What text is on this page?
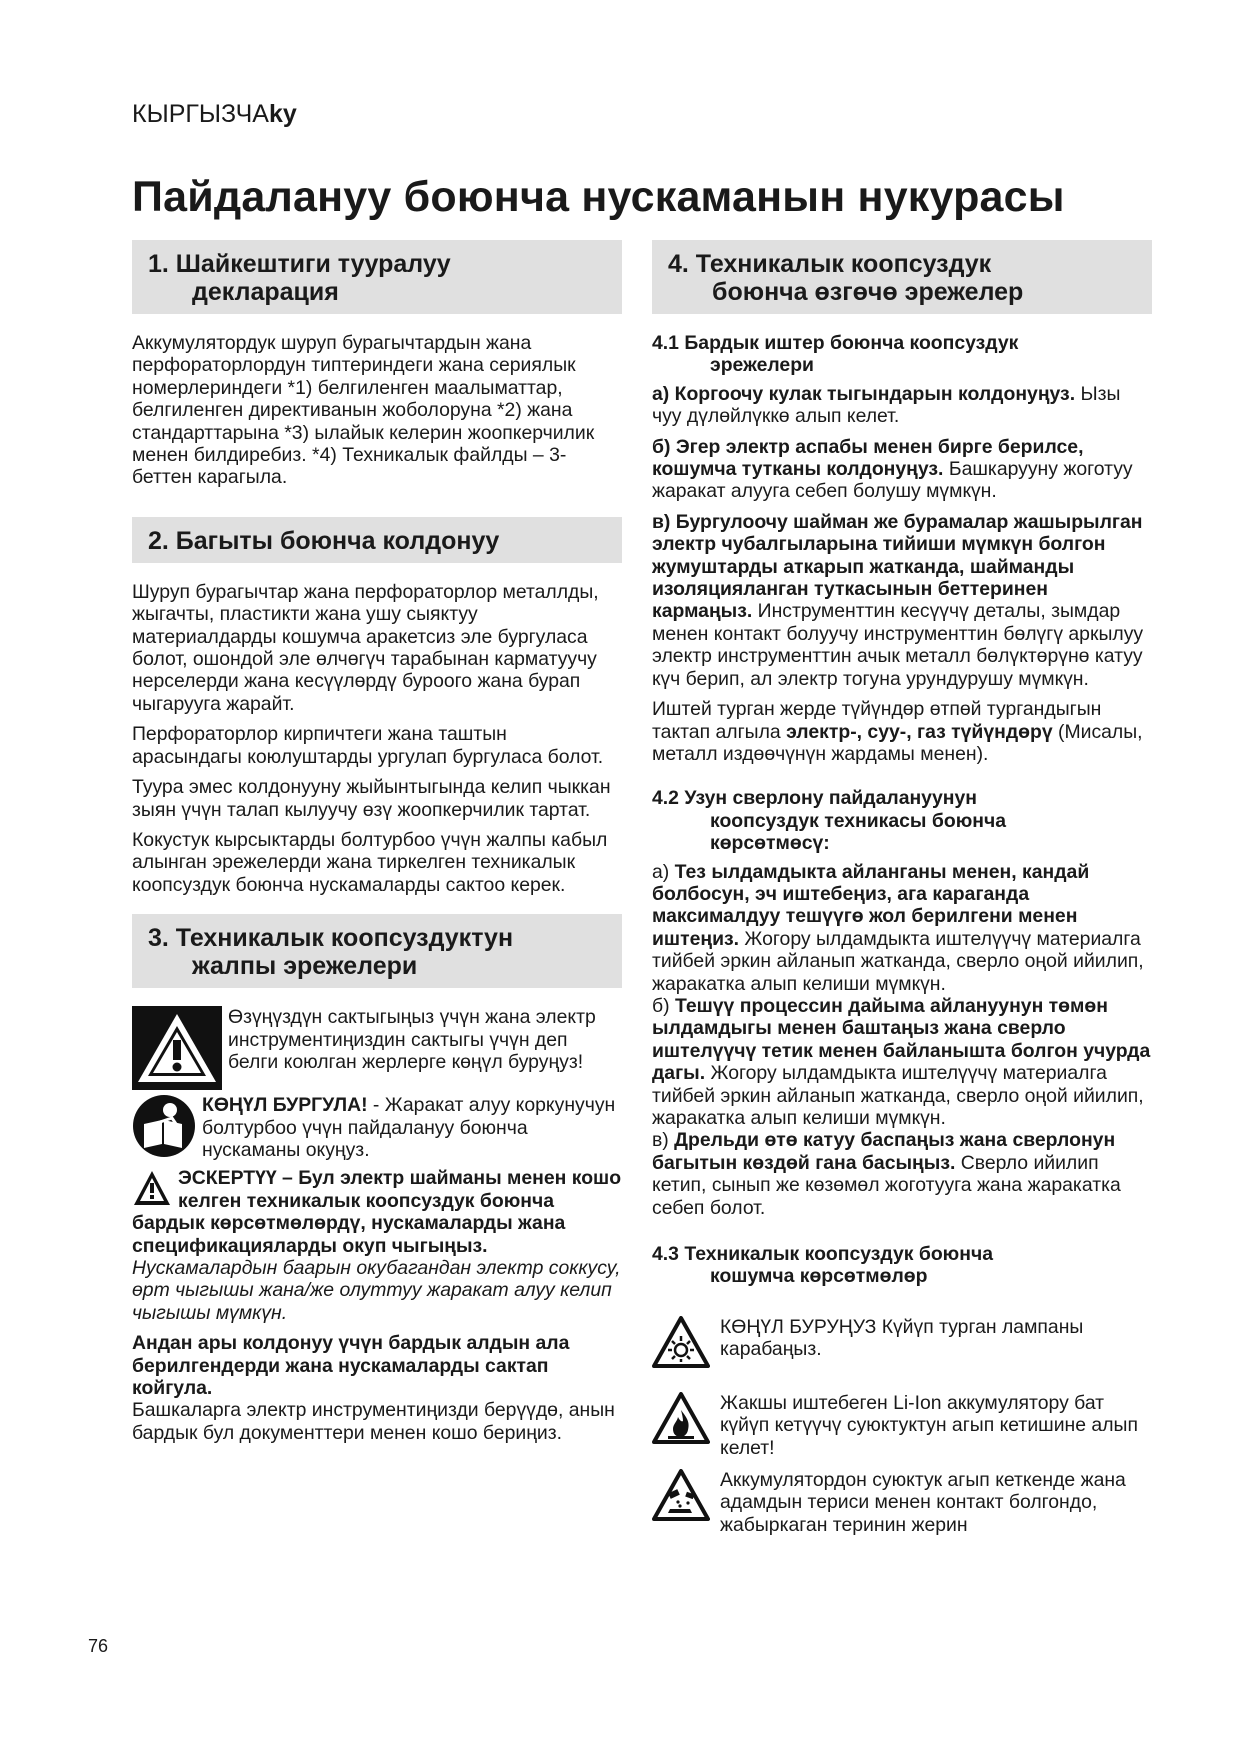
КЫРГЫЗЧАky
Пайдалануу боюнча нускаманын нукурасы
1. Шайкештиги тууралуу
декларация

Аккумулятордук шуруп бурагычтардын жана перфораторлордун типтериндеги жана сериялык номерлериндеги *1) белгиленген маалыматтар, белгиленген директиванын жоболоруна *2) жана стандарттарына *3) ылайык келерин жоопкерчилик менен билдиребиз. *4) Техникалык файлды – 3-беттен карагыла.

2. Багыты боюнча колдонуу

Шуруп бурагычтар жана перфораторлор металлды, жыгачты, пластикти жана ушу сыяктуу материалдарды кошумча аракетсиз эле бургуласа болот, ошондой эле өлчөгүч тарабынан карматуучу нерселерди жана кесүүлөрдү буроого жана бурап чыгарууга жарайт.

Перфораторлор кирпичтеги жана таштын арасындагы коюлуштарды ургулап бургуласа болот.

Туура эмес колдонууну жыйынтыгында келип чыккан зыян үчүн талап кылуучу өзү жоопкерчилик тартат.

Кокустук кырсыктарды болтурбоо үчүн жалпы кабыл алынган эрежелерди жана тиркелген техникалык коопсуздук боюнча нускамаларды сактоо керек.

3. Техникалык коопсуздуктун
жалпы эрежелери

Өзүңүздүн сактыгыңыз үчүн жана электр инструментиңиздин сактыгы үчүн деп белги коюлган жерлерге көңүл буруңуз!

КӨҢҮЛ БУРГУЛА! - Жаракат алуу коркунучун болтурбоо үчүн пайдалануу боюнча нускаманы окуңуз.

ЭСКЕРТҮҮ – Бул электр шайманы менен кошо келген техникалык коопсуздук боюнча бардык көрсөтмөлөрдү, нускамаларды жана спецификацияларды окуп чыгыңыз. Нускамалардын баарын окубагандан электр соккусу, өрт чыгышы жана/же олуттуу жаракат алуу келип чыгышы мүмкүн.

Андан ары колдонуу үчүн бардык алдын ала берилгендерди жана нускамаларды сактап койгула.
Башкаларга электр инструментиңизди берүүдө, анын бардык бул документтери менен кошо бериңиз.

4. Техникалык коопсуздук
боюнча өзгөчө эрежелер
4.1 Бардык иштер боюнча коопсуздук
эрежелери

а) Коргоочу кулак тыгындарын колдонуңуз. Ызы чуу дүлөйлүккө алып келет.

б) Эгер электр аспабы менен бирге берилсе, кошумча тутканы колдонуңуз. Башкарууну жоготуу жаракат алууга себеп болушу мүмкүн.

в) Бургулоочу шайман же бурамалар жашырылган электр чубалгыларына тийиши мүмкүн болгон жумуштарды аткарып жатканда, шайманды изоляцияланган туткасынын беттеринен кармаңыз. Инструменттин кесүүчү деталы, зымдар менен контакт болуучу инструменттин бөлүгү аркылуу электр инструменттин ачык металл бөлүктөрүнө катуу күч берип, ал электр тогуна урундурушу мүмкүн.

Иштей турган жерде түйүндөр өтпөй тургандыгын тактап алгыла электр-, суу-, газ түйүндөрү (Мисалы, металл издөөчүнүн жардамы менен).

4.2 Узун сверлону пайдалануунун
коопсуздук техникасы боюнча
көрсөтмөсү:

а) Тез ылдамдыкта айланганы менен, кандай болбосун, эч иштебеңиз, ага караганда максималдуу тешүүгө жол берилгени менен иштеңиз. Жогору ылдамдыкта иштелүүчү материалга тийбей эркин айланып жатканда, сверло оңой ийилип, жаракатка алып келиши мүмкүн.

б) Тешүү процессин дайыма айлануунун төмөн ылдамдыгы менен баштаңыз жана сверло иштелүүчү тетик менен байланышта болгон учурда дагы. Жогору ылдамдыкта иштелүүчү материалга тийбей эркин айланып жатканда, сверло оңой ийилип, жаракатка алып келиши мүмкүн.

в) Дрельди өтө катуу баспаңыз жана сверлонун багытын көздөй гана басыңыз. Сверло ийилип кетип, сынып же көзөмөл жоготууга жана жаракатка себеп болот.

4.3 Техникалык коопсуздук боюнча
кошумча көрсөтмөлөр

КӨҢҮЛ БУРУҢУЗ Күйүп турган лампаны карабаңыз.

Жакшы иштебеген Li-Ion аккумулятору бат күйүп кетүүчү суюктуктун агып кетишине алып келет!

Аккумулятордон суюктук агып кеткенде жана адамдын териси менен контакт болгондо, жабыркаган теринин жерин

76
